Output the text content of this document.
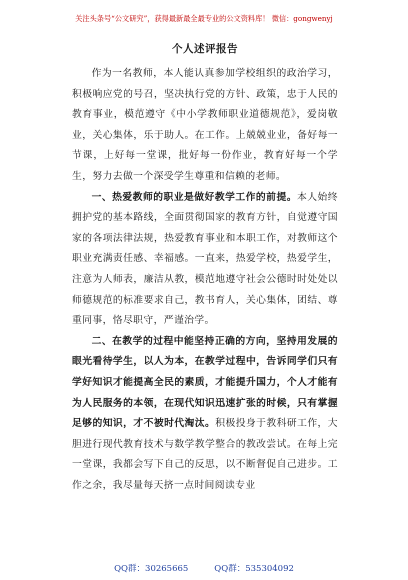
关注头条号“公文研究”，获得最新最全最专业的公文资料库！ 微信：gongwenyj
个人述评报告

作为一名教师，本人能认真参加学校组织的政治学习，积极响应党的号召，坚决执行党的方针、政策，忠于人民的教育事业，模范遵守《中小学教师职业道德规范》，爱岗敬业，关心集体，乐于助人。在工作。上兢兢业业，备好每一节课，上好每一堂课，批好每一份作业，教育好每一个学生，努力去做一个深受学生尊重和信赖的老师。

一、热爱教师的职业是做好教学工作的前提。本人始终拥护党的基本路线，全面贯彻国家的教育方针，自觉遵守国家的各项法律法规，热爱教育事业和本职工作，对教师这个职业充满责任感、幸福感。一直来，热爱学校，热爱学生，注意为人师表，廉洁从教，模范地遵守社会公德时时处处以师德规范的标准要求自己，教书育人，关心集体，团结、尊重同事，恪尽职守，严谨治学。

二、在教学的过程中能坚持正确的方向，坚持用发展的眼光看待学生，以人为本，在教学过程中，告诉同学们只有学好知识才能提高全民的素质，才能提升国力，个人才能有为人民服务的本领，在现代知识迅速扩张的时候，只有掌握足够的知识，才不被时代淘汰。积极投身于教科研工作，大胆进行现代教育技术与数学教学整合的教改尝试。在每上完一堂课，我都会写下自己的反思，以不断督促自己进步。工作之余，我尽量每天挤一点时间阅读专业

QQ群：30265665	QQ群：535304092
